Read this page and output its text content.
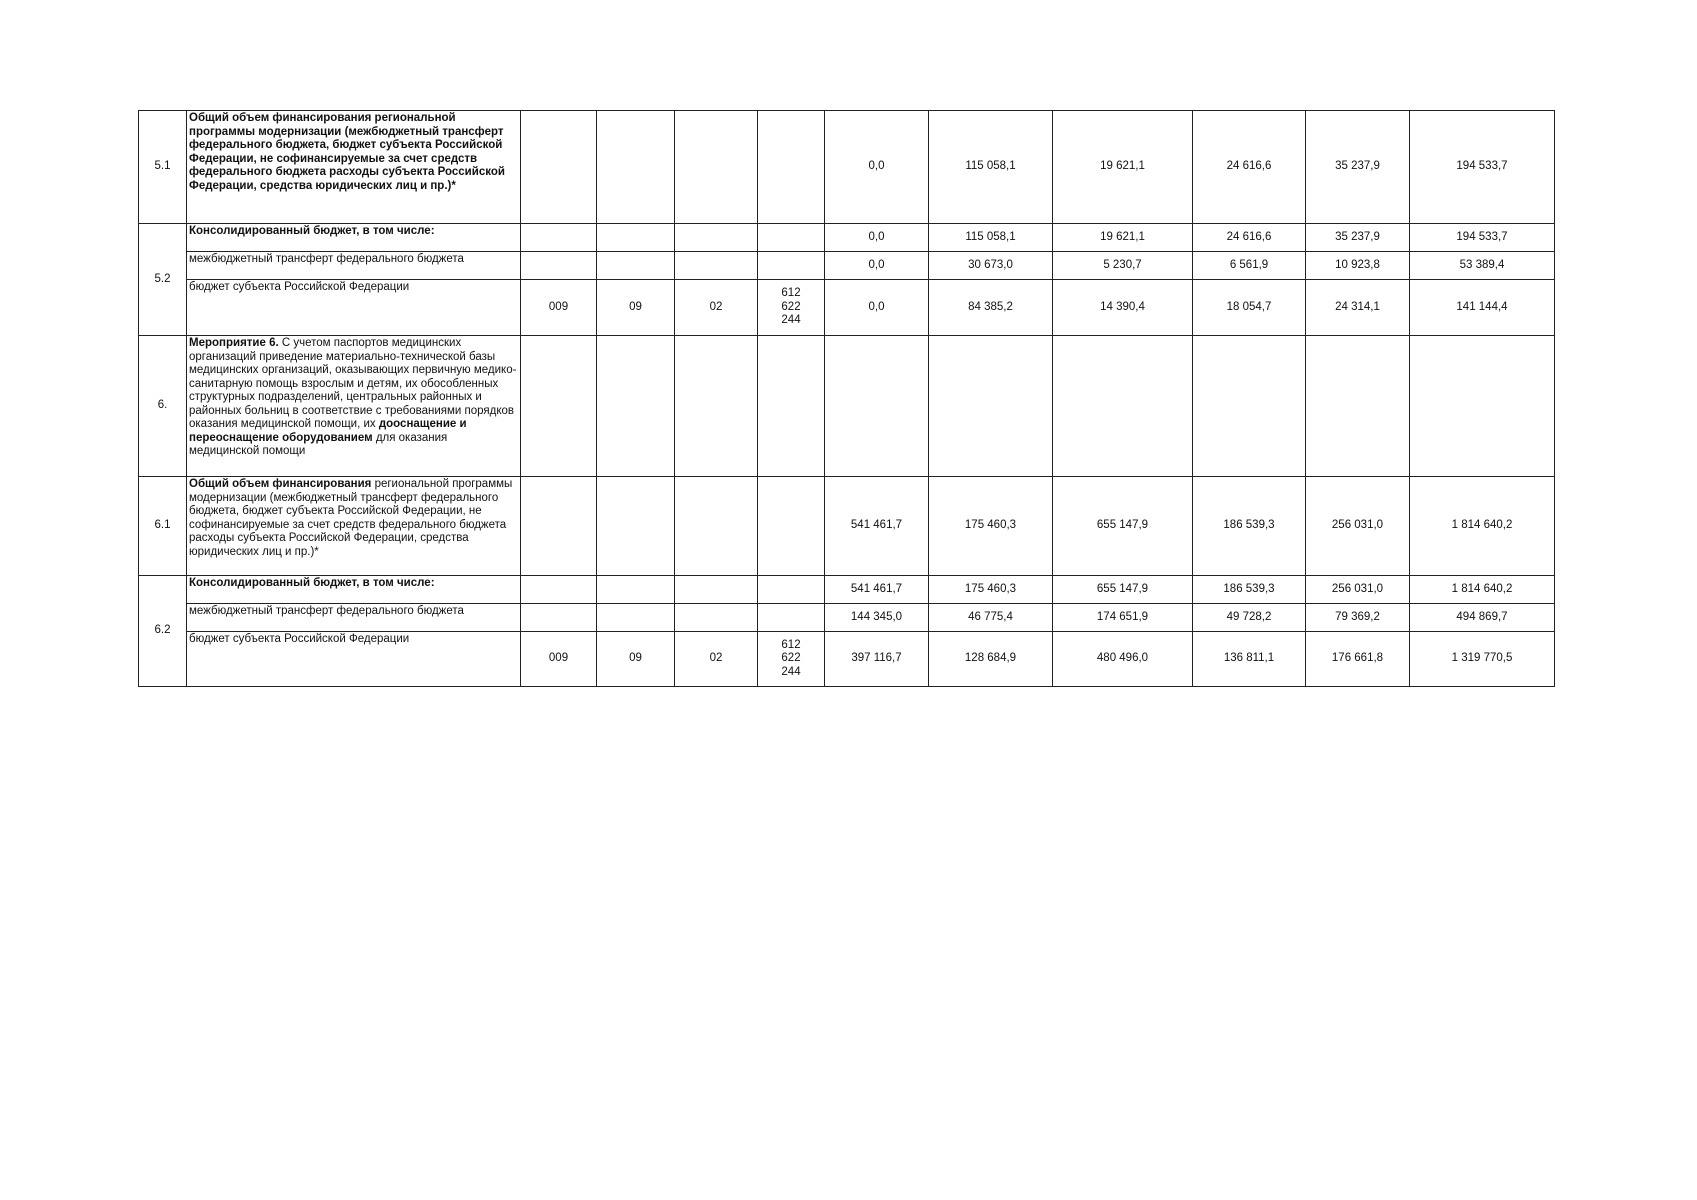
5.1	Общий объем финансирования региональной программы модернизации (межбюджетный трансферт федерального бюджета, бюджет субъекта Российской Федерации, не софинансируемые за счет средств федерального бюджета расходы субъекта Российской Федерации, средства юридических лиц и пр.)*					0,0	115 058,1	19 621,1	24 616,6	35 237,9	194 533,7
5.2	Консолидированный бюджет, в том числе:					0,0	115 058,1	19 621,1	24 616,6	35 237,9	194 533,7
	межбюджетный трансферт федерального бюджета					0,0	30 673,0	5 230,7	6 561,9	10 923,8	53 389,4
	бюджет субъекта Российской Федерации	009	09	02	612
622
244	0,0	84 385,2	14 390,4	18 054,7	24 314,1	141 144,4
6.	Мероприятие 6. С учетом паспортов медицинских организаций приведение материально-технической базы медицинских организаций, оказывающих первичную медико-санитарную помощь взрослым и детям, их обособленных структурных подразделений, центральных районных и районных больниц в соответствие с требованиями порядков оказания медицинской помощи, их дооснащение и переоснащение оборудованием для оказания медицинской помощи										
6.1	Общий объем финансирования региональной программы модернизации (межбюджетный трансферт федерального бюджета, бюджет субъекта Российской Федерации, не софинансируемые за счет средств федерального бюджета расходы субъекта Российской Федерации, средства юридических лиц и пр.)*					541 461,7	175 460,3	655 147,9	186 539,3	256 031,0	1 814 640,2
6.2	Консолидированный бюджет, в том числе:					541 461,7	175 460,3	655 147,9	186 539,3	256 031,0	1 814 640,2
	межбюджетный трансферт федерального бюджета					144 345,0	46 775,4	174 651,9	49 728,2	79 369,2	494 869,7
	бюджет субъекта Российской Федерации	009	09	02	612
622
244	397 116,7	128 684,9	480 496,0	136 811,1	176 661,8	1 319 770,5
